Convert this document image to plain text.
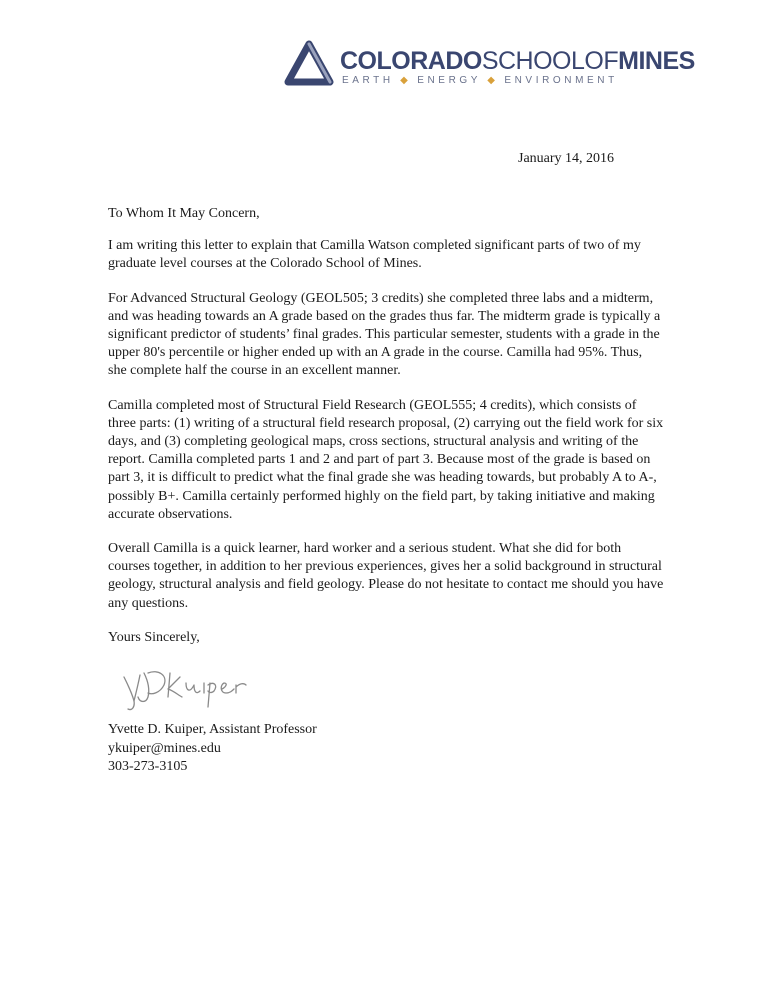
COLORADOSCHOOLOFMINES
EARTH ◆ ENERGY ◆ ENVIRONMENT
January 14, 2016

To Whom It May Concern,

I am writing this letter to explain that Camilla Watson completed significant parts of two of my graduate level courses at the Colorado School of Mines.

For Advanced Structural Geology (GEOL505; 3 credits) she completed three labs and a midterm, and was heading towards an A grade based on the grades thus far. The midterm grade is typically a significant predictor of students’ final grades. This particular semester, students with a grade in the upper 80's percentile or higher ended up with an A grade in the course. Camilla had 95%. Thus, she complete half the course in an excellent manner.

Camilla completed most of Structural Field Research (GEOL555; 4 credits), which consists of three parts: (1) writing of a structural field research proposal, (2) carrying out the field work for six days, and (3) completing geological maps, cross sections, structural analysis and writing of the report. Camilla completed parts 1 and 2 and part of part 3. Because most of the grade is based on part 3, it is difficult to predict what the final grade she was heading towards, but probably A to A-, possibly B+. Camilla certainly performed highly on the field part, by taking initiative and making accurate observations.

Overall Camilla is a quick learner, hard worker and a serious student. What she did for both courses together, in addition to her previous experiences, gives her a solid background in structural geology, structural analysis and field geology. Please do not hesitate to contact me should you have any questions.

Yours Sincerely,

Yvette D. Kuiper, Assistant Professor
ykuiper@mines.edu
303-273-3105
